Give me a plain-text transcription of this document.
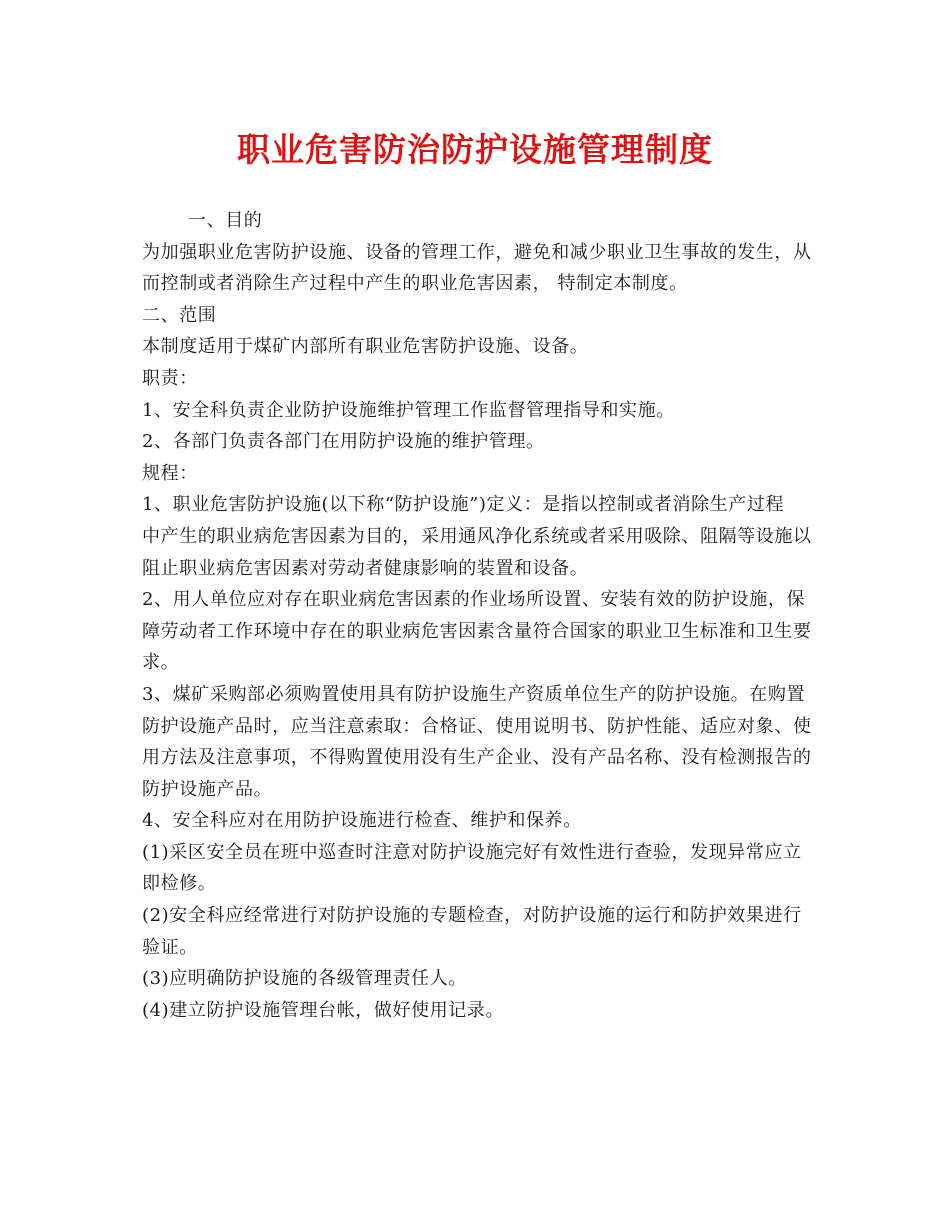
职业危害防治防护设施管理制度
一、目的
为加强职业危害防护设施、设备的管理工作，避免和减少职业卫生事故的发生，从
而控制或者消除生产过程中产生的职业危害因素， 特制定本制度。
二、范围
本制度适用于煤矿内部所有职业危害防护设施、设备。
职责：
1、安全科负责企业防护设施维护管理工作监督管理指导和实施。
2、各部门负责各部门在用防护设施的维护管理。
规程：
1、职业危害防护设施(以下称“防护设施”)定义：是指以控制或者消除生产过程
中产生的职业病危害因素为目的，采用通风净化系统或者采用吸除、阻隔等设施以
阻止职业病危害因素对劳动者健康影响的装置和设备。
2、用人单位应对存在职业病危害因素的作业场所设置、安装有效的防护设施，保
障劳动者工作环境中存在的职业病危害因素含量符合国家的职业卫生标准和卫生要
求。
3、煤矿采购部必须购置使用具有防护设施生产资质单位生产的防护设施。在购置
防护设施产品时，应当注意索取：合格证、使用说明书、防护性能、适应对象、使
用方法及注意事项，不得购置使用没有生产企业、没有产品名称、没有检测报告的
防护设施产品。
4、安全科应对在用防护设施进行检查、维护和保养。
(1)采区安全员在班中巡查时注意对防护设施完好有效性进行查验，发现异常应立
即检修。
(2)安全科应经常进行对防护设施的专题检查，对防护设施的运行和防护效果进行
验证。
(3)应明确防护设施的各级管理责任人。
(4)建立防护设施管理台帐，做好使用记录。
